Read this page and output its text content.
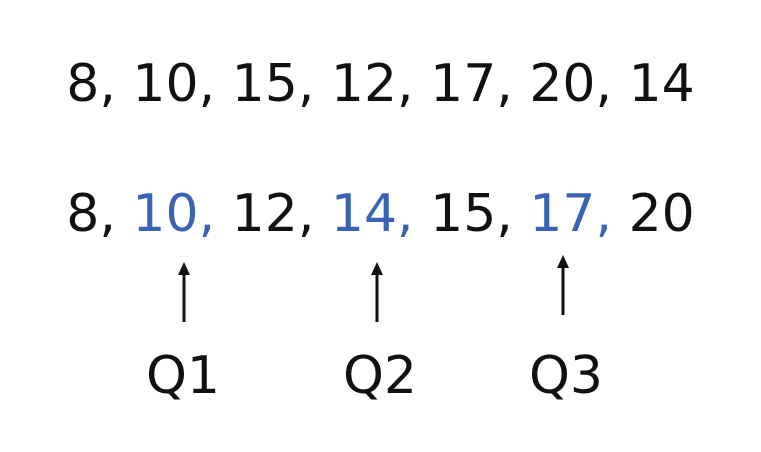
8, 10, 15, 12, 17, 20, 14
8, 10, 12, 14, 15, 17, 20
Q1 Q2 Q3
